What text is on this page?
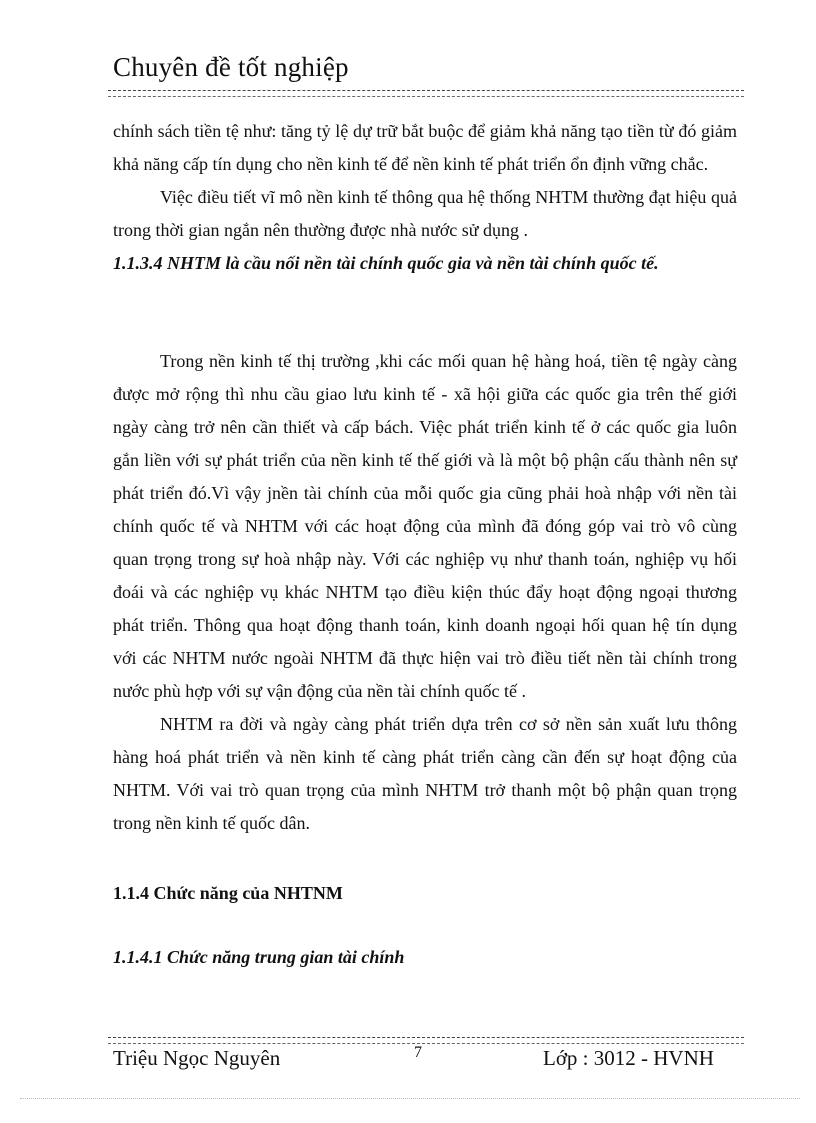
Chuyên đề tốt nghiệp

chính sách tiền tệ như: tăng tỷ lệ dự trữ bắt buộc để giảm khả năng tạo tiền từ đó giảm khả năng cấp tín dụng cho nền kinh tế để nền kinh tế phát triển ổn định vững chắc.

Việc điều tiết vĩ mô nền kinh tế thông qua hệ thống NHTM thường đạt hiệu quả trong thời gian ngắn nên thường được nhà nước sử dụng .

1.1.3.4 NHTM là cầu nối nền tài chính quốc gia và nền tài chính quốc tế.

Trong nền kinh tế thị trường ,khi các mối quan hệ hàng hoá, tiền tệ ngày càng được mở rộng thì nhu cầu giao lưu kinh tế - xã hội giữa các quốc gia trên thế giới ngày càng trở nên cần thiết và cấp bách. Việc phát triển kinh tế ở các quốc gia luôn gắn liền với sự phát triển của nền kinh tế thế giới và là một bộ phận cấu thành nên sự phát triển đó.Vì vậy jnền tài chính của mỗi quốc gia cũng phải hoà nhập với nền tài chính quốc tế và NHTM với các hoạt động của mình đã đóng góp vai trò vô cùng quan trọng trong sự hoà nhập này. Với các nghiệp vụ như thanh toán, nghiệp vụ hối đoái và các nghiệp vụ khác NHTM tạo điều kiện thúc đẩy hoạt động ngoại thương phát triển. Thông qua hoạt động thanh toán, kinh doanh ngoại hối quan hệ tín dụng với các NHTM nước ngoài NHTM đã thực hiện vai trò điều tiết nền tài chính trong nước phù hợp với sự vận động của nền tài chính quốc tế .

NHTM ra đời và ngày càng phát triển dựa trên cơ sở nền sản xuất lưu thông hàng hoá phát triển và nền kinh tế càng phát triển càng cần đến sự hoạt động của NHTM. Với vai trò quan trọng của mình NHTM trở thanh một bộ phận quan trọng trong nền kinh tế quốc dân.

1.1.4 Chức năng của NHTNM

1.1.4.1 Chức năng trung gian tài chính

Triệu Ngọc Nguyên	7	Lớp : 3012 - HVNH
